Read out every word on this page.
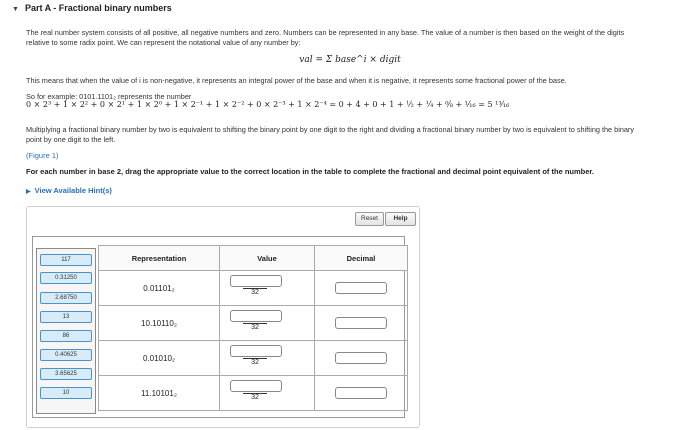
▼ Part A - Fractional binary numbers
The real number system consists of all positive, all negative numbers and zero. Numbers can be represented in any base. The value of a number is then based on the weight of the digits
relative to some radix point. We can represent the notational value of any number by:
val = Σ base^i × digit
This means that when the value of i is non-negative, it represents an integral power of the base and when it is negative, it represents some fractional power of the base.
So for example: 0101.1101₂ represents the number
0 × 2³ + 1 × 2² + 0 × 2¹ + 1 × 2⁰ + 1 × 2⁻¹ + 1 × 2⁻² + 0 × 2⁻³ + 1 × 2⁻⁴ = 0 + 4 + 0 + 1 + ½ + ¼ + ⁰⁄₈ + ¹⁄₁₆ = 5 ¹³⁄₁₆
Multiplying a fractional binary number by two is equivalent to shifting the binary point by one digit to the right and dividing a fractional binary number by two is equivalent to shifting the binary
point by one digit to the left.
(Figure 1)
For each number in base 2, drag the appropriate value to the correct location in the table to complete the fractional and decimal point equivalent of the number.
▶ View Available Hint(s)
Reset	Help
117
0.31250
2.68750
13
86
0.40625
3.65625
10
Representation	Value	Decimal
0.01101₂	32	

10.10110₂	32	

0.01010₂	32	

11.10101₂	32	
